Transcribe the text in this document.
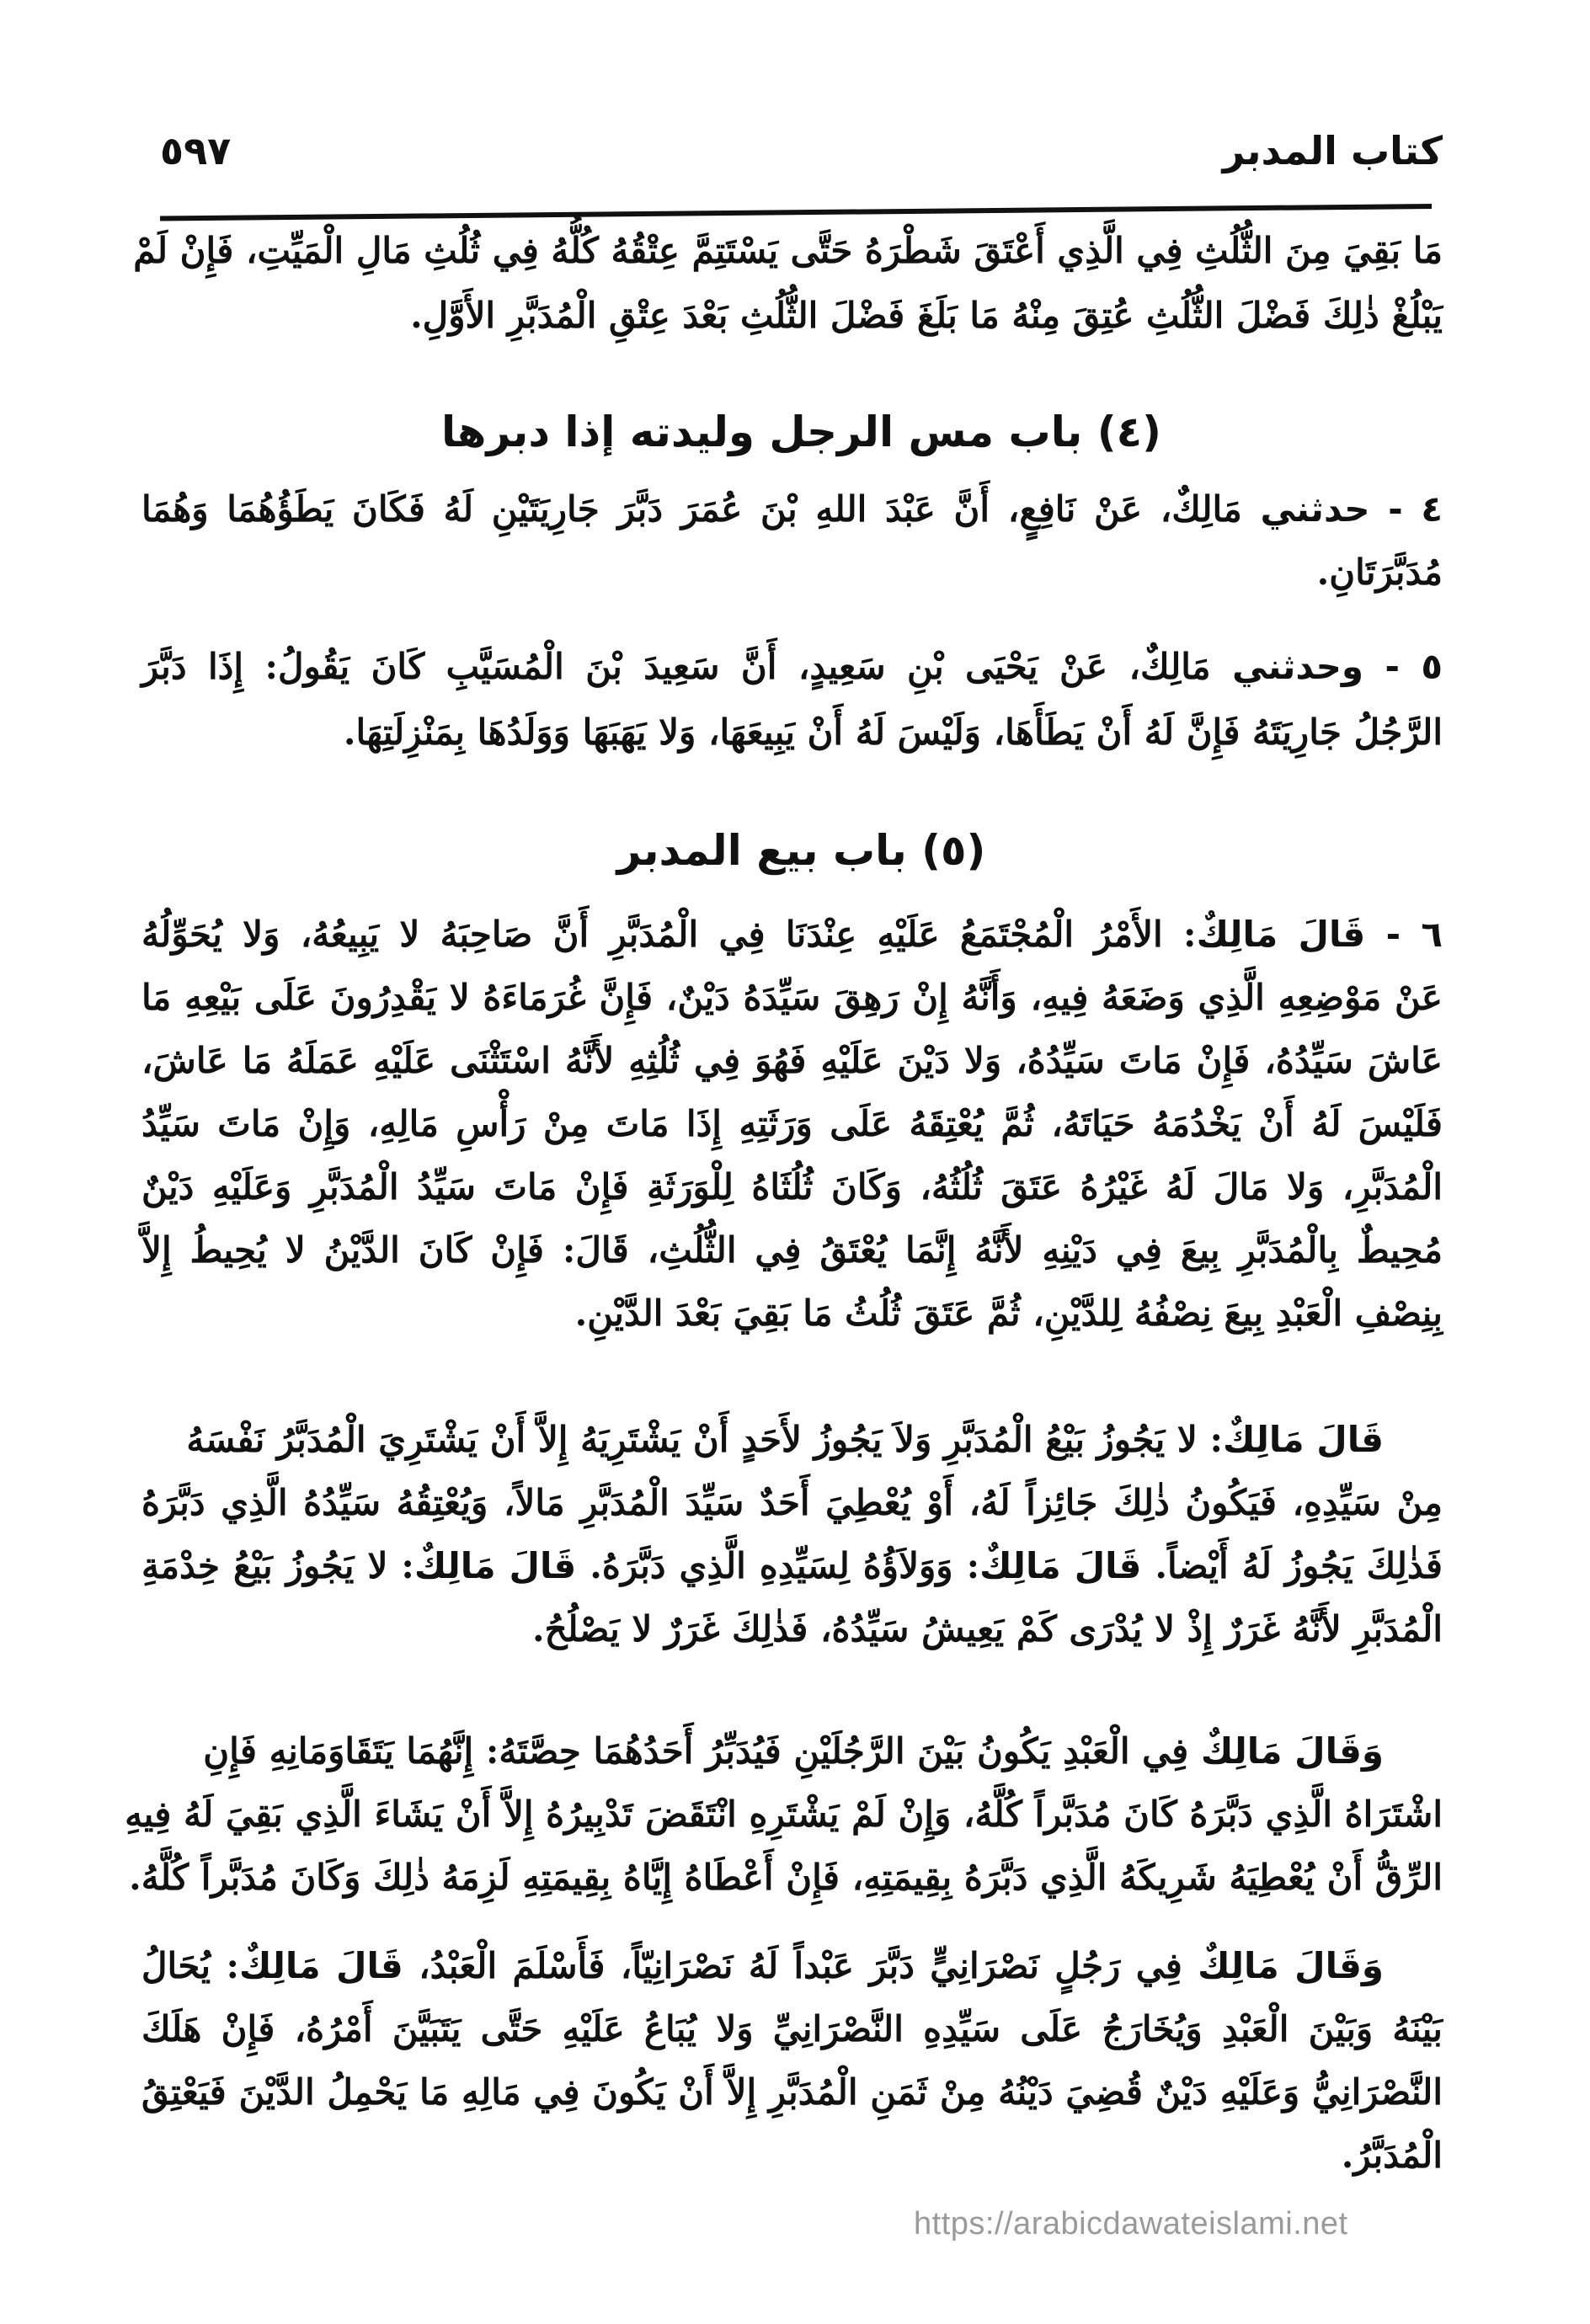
كتاب المدبر
٥٩٧
مَا بَقِيَ مِنَ الثُّلُثِ فِي الَّذِي أَعْتَقَ شَطْرَهُ حَتَّى يَسْتَتِمَّ عِتْقُهُ كُلُّهُ فِي ثُلُثِ مَالِ الْمَيِّتِ، فَإِنْ لَمْ
يَبْلُغْ ذٰلِكَ فَضْلَ الثُّلُثِ عُتِقَ مِنْهُ مَا بَلَغَ فَضْلَ الثُّلُثِ بَعْدَ عِتْقِ الْمُدَبَّرِ الأَوَّلِ.
(٤) باب مس الرجل وليدته إذا دبرها
٤ - حدثني مَالِكٌ، عَنْ نَافِعٍ، أَنَّ عَبْدَ اللهِ بْنَ عُمَرَ دَبَّرَ جَارِيَتَيْنِ لَهُ فَكَانَ يَطَؤُهُمَا وَهُمَا
مُدَبَّرَتَانِ.
٥ - وحدثني مَالِكٌ، عَنْ يَحْيَى بْنِ سَعِيدٍ، أَنَّ سَعِيدَ بْنَ الْمُسَيَّبِ كَانَ يَقُولُ: إِذَا دَبَّرَ
الرَّجُلُ جَارِيَتَهُ فَإِنَّ لَهُ أَنْ يَطَأَهَا، وَلَيْسَ لَهُ أَنْ يَبِيعَهَا، وَلا يَهَبَهَا وَوَلَدُهَا بِمَنْزِلَتِهَا.
(٥) باب بيع المدبر
٦ - قَالَ مَالِكٌ: الأَمْرُ الْمُجْتَمَعُ عَلَيْهِ عِنْدَنَا فِي الْمُدَبَّرِ أَنَّ صَاحِبَهُ لا يَبِيعُهُ، وَلا يُحَوِّلُهُ
عَنْ مَوْضِعِهِ الَّذِي وَضَعَهُ فِيهِ، وَأَنَّهُ إِنْ رَهِقَ سَيِّدَهُ دَيْنٌ، فَإِنَّ غُرَمَاءَهُ لا يَقْدِرُونَ عَلَى بَيْعِهِ مَا
عَاشَ سَيِّدُهُ، فَإِنْ مَاتَ سَيِّدُهُ، وَلا دَيْنَ عَلَيْهِ فَهُوَ فِي ثُلُثِهِ لأَنَّهُ اسْتَثْنَى عَلَيْهِ عَمَلَهُ مَا عَاشَ،
فَلَيْسَ لَهُ أَنْ يَخْدُمَهُ حَيَاتَهُ، ثُمَّ يُعْتِقَهُ عَلَى وَرَثَتِهِ إِذَا مَاتَ مِنْ رَأْسِ مَالِهِ، وَإِنْ مَاتَ سَيِّدُ
الْمُدَبَّرِ، وَلا مَالَ لَهُ غَيْرُهُ عَتَقَ ثُلُثُهُ، وَكَانَ ثُلُثَاهُ لِلْوَرَثَةِ فَإِنْ مَاتَ سَيِّدُ الْمُدَبَّرِ وَعَلَيْهِ دَيْنٌ
مُحِيطٌ بِالْمُدَبَّرِ بِيعَ فِي دَيْنِهِ لأَنَّهُ إِنَّمَا يُعْتَقُ فِي الثُّلُثِ، قَالَ: فَإِنْ كَانَ الدَّيْنُ لا يُحِيطُ إِلاَّ
بِنِصْفِ الْعَبْدِ بِيعَ نِصْفُهُ لِلدَّيْنِ، ثُمَّ عَتَقَ ثُلُثُ مَا بَقِيَ بَعْدَ الدَّيْنِ.
قَالَ مَالِكٌ: لا يَجُوزُ بَيْعُ الْمُدَبَّرِ وَلاَ يَجُوزُ لأَحَدٍ أَنْ يَشْتَرِيَهُ إِلاَّ أَنْ يَشْتَرِيَ الْمُدَبَّرُ نَفْسَهُ
مِنْ سَيِّدِهِ، فَيَكُونُ ذٰلِكَ جَائِزاً لَهُ، أَوْ يُعْطِيَ أَحَدٌ سَيِّدَ الْمُدَبَّرِ مَالاً، وَيُعْتِقُهُ سَيِّدُهُ الَّذِي دَبَّرَهُ
فَذٰلِكَ يَجُوزُ لَهُ أَيْضاً. قَالَ مَالِكٌ: وَوَلاَؤُهُ لِسَيِّدِهِ الَّذِي دَبَّرَهُ. قَالَ مَالِكٌ: لا يَجُوزُ بَيْعُ خِدْمَةِ
الْمُدَبَّرِ لأَنَّهُ غَرَرٌ إِذْ لا يُدْرَى كَمْ يَعِيشُ سَيِّدُهُ، فَذٰلِكَ غَرَرٌ لا يَصْلُحُ.
وَقَالَ مَالِكٌ فِي الْعَبْدِ يَكُونُ بَيْنَ الرَّجُلَيْنِ فَيُدَبِّرُ أَحَدُهُمَا حِصَّتَهُ: إِنَّهُمَا يَتَقَاوَمَانِهِ فَإِنِ
اشْتَرَاهُ الَّذِي دَبَّرَهُ كَانَ مُدَبَّراً كُلَّهُ، وَإِنْ لَمْ يَشْتَرِهِ انْتَقَضَ تَدْبِيرُهُ إِلاَّ أَنْ يَشَاءَ الَّذِي بَقِيَ لَهُ فِيهِ
الرِّقُّ أَنْ يُعْطِيَهُ شَرِيكَهُ الَّذِي دَبَّرَهُ بِقِيمَتِهِ، فَإِنْ أَعْطَاهُ إِيَّاهُ بِقِيمَتِهِ لَزِمَهُ ذٰلِكَ وَكَانَ مُدَبَّراً كُلَّهُ.
وَقَالَ مَالِكٌ فِي رَجُلٍ نَصْرَانِيٍّ دَبَّرَ عَبْداً لَهُ نَصْرَانِيّاً، فَأَسْلَمَ الْعَبْدُ، قَالَ مَالِكٌ: يُحَالُ
بَيْنَهُ وَبَيْنَ الْعَبْدِ وَيُخَارَجُ عَلَى سَيِّدِهِ النَّصْرَانِيِّ وَلا يُبَاعُ عَلَيْهِ حَتَّى يَتَبَيَّنَ أَمْرُهُ، فَإِنْ هَلَكَ
النَّصْرَانِيُّ وَعَلَيْهِ دَيْنٌ قُضِيَ دَيْنُهُ مِنْ ثَمَنِ الْمُدَبَّرِ إِلاَّ أَنْ يَكُونَ فِي مَالِهِ مَا يَحْمِلُ الدَّيْنَ فَيَعْتِقُ
الْمُدَبَّرُ.
https://arabicdawateislami.net
